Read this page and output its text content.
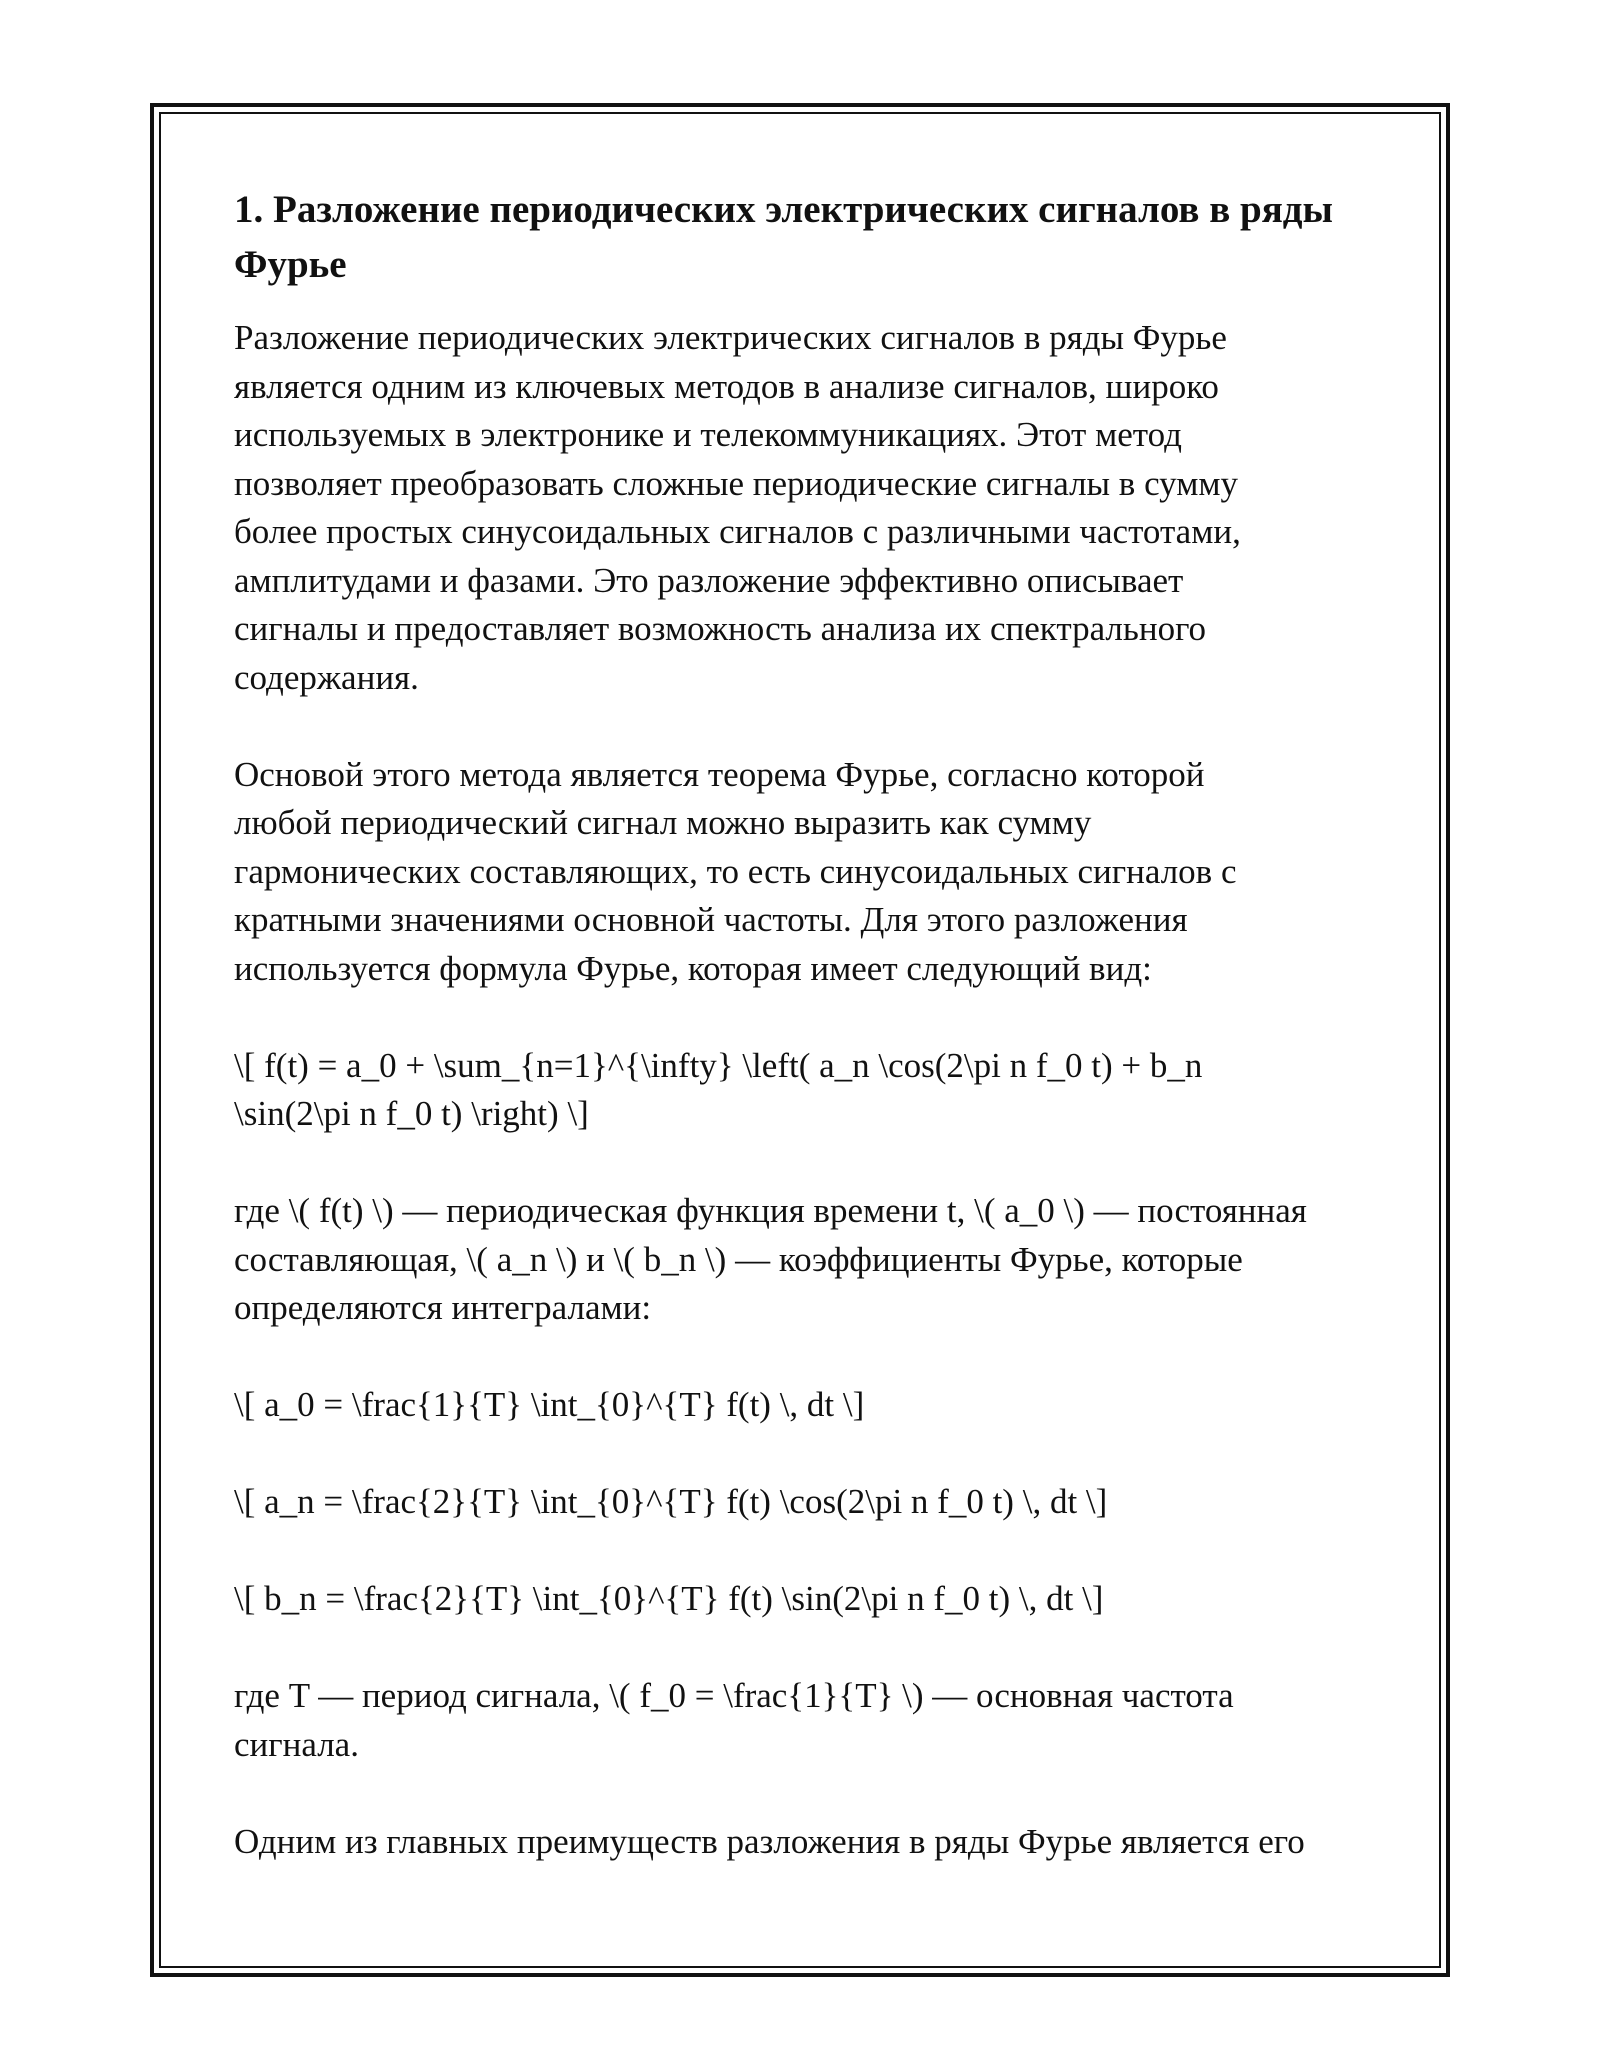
1. Разложение периодических электрических сигналов в ряды Фурье

Разложение периодических электрических сигналов в ряды Фурье
является одним из ключевых методов в анализе сигналов, широко
используемых в электронике и телекоммуникациях. Этот метод
позволяет преобразовать сложные периодические сигналы в сумму
более простых синусоидальных сигналов с различными частотами,
амплитудами и фазами. Это разложение эффективно описывает
сигналы и предоставляет возможность анализа их спектрального
содержания.

Основой этого метода является теорема Фурье, согласно которой
любой периодический сигнал можно выразить как сумму
гармонических составляющих, то есть синусоидальных сигналов с
кратными значениями основной частоты. Для этого разложения
используется формула Фурье, которая имеет следующий вид:

\[ f(t) = a_0 + \sum_{n=1}^{\infty} \left( a_n \cos(2\pi n f_0 t) + b_n
\sin(2\pi n f_0 t) \right) \]

где \( f(t) \) — периодическая функция времени t, \( a_0 \) — постоянная
составляющая, \( a_n \) и \( b_n \) — коэффициенты Фурье, которые
определяются интегралами:

\[ a_0 = \frac{1}{T} \int_{0}^{T} f(t) \, dt \]

\[ a_n = \frac{2}{T} \int_{0}^{T} f(t) \cos(2\pi n f_0 t) \, dt \]

\[ b_n = \frac{2}{T} \int_{0}^{T} f(t) \sin(2\pi n f_0 t) \, dt \]

где T — период сигнала, \( f_0 = \frac{1}{T} \) — основная частота
сигнала.

Одним из главных преимуществ разложения в ряды Фурье является его
